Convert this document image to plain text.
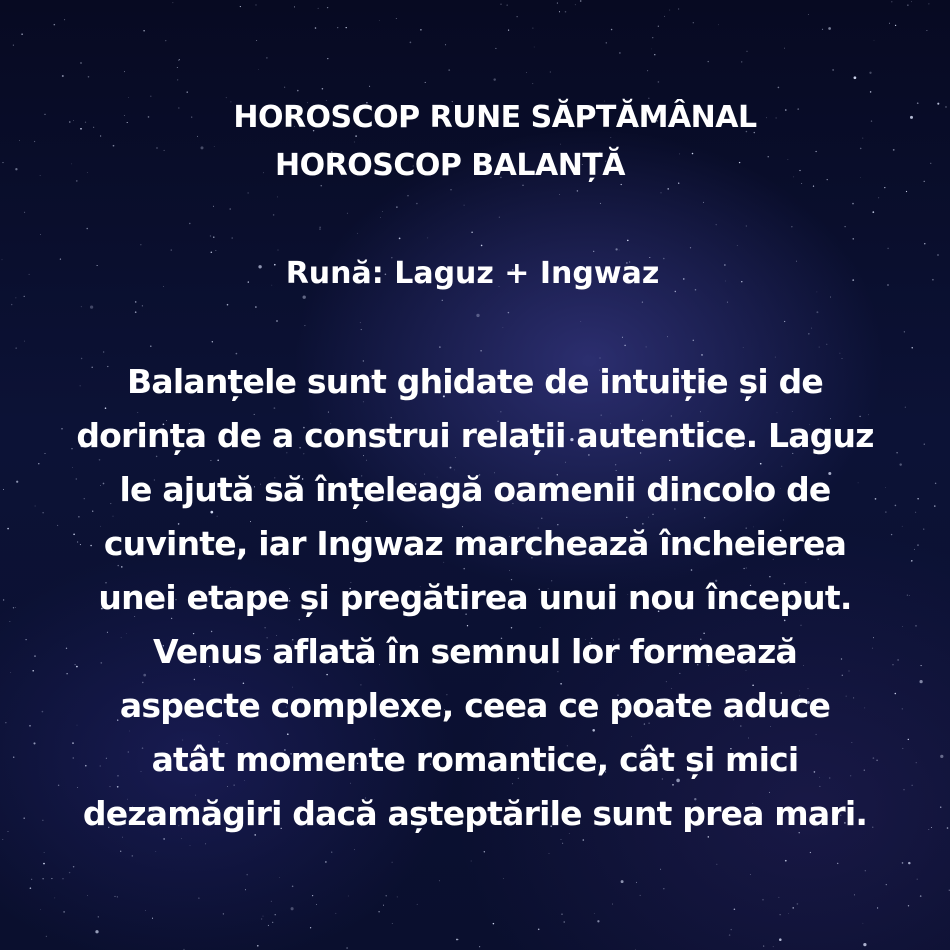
HOROSCOP RUNE SĂPTĂMÂNAL
HOROSCOP BALANȚĂ
Rună: Laguz + Ingwaz
Balanțele sunt ghidate de intuiție și de
dorința de a construi relații autentice. Laguz
le ajută să înțeleagă oamenii dincolo de
cuvinte, iar Ingwaz marchează încheierea
unei etape și pregătirea unui nou început.
Venus aflată în semnul lor formează
aspecte complexe, ceea ce poate aduce
atât momente romantice, cât și mici
dezamăgiri dacă așteptările sunt prea mari.
